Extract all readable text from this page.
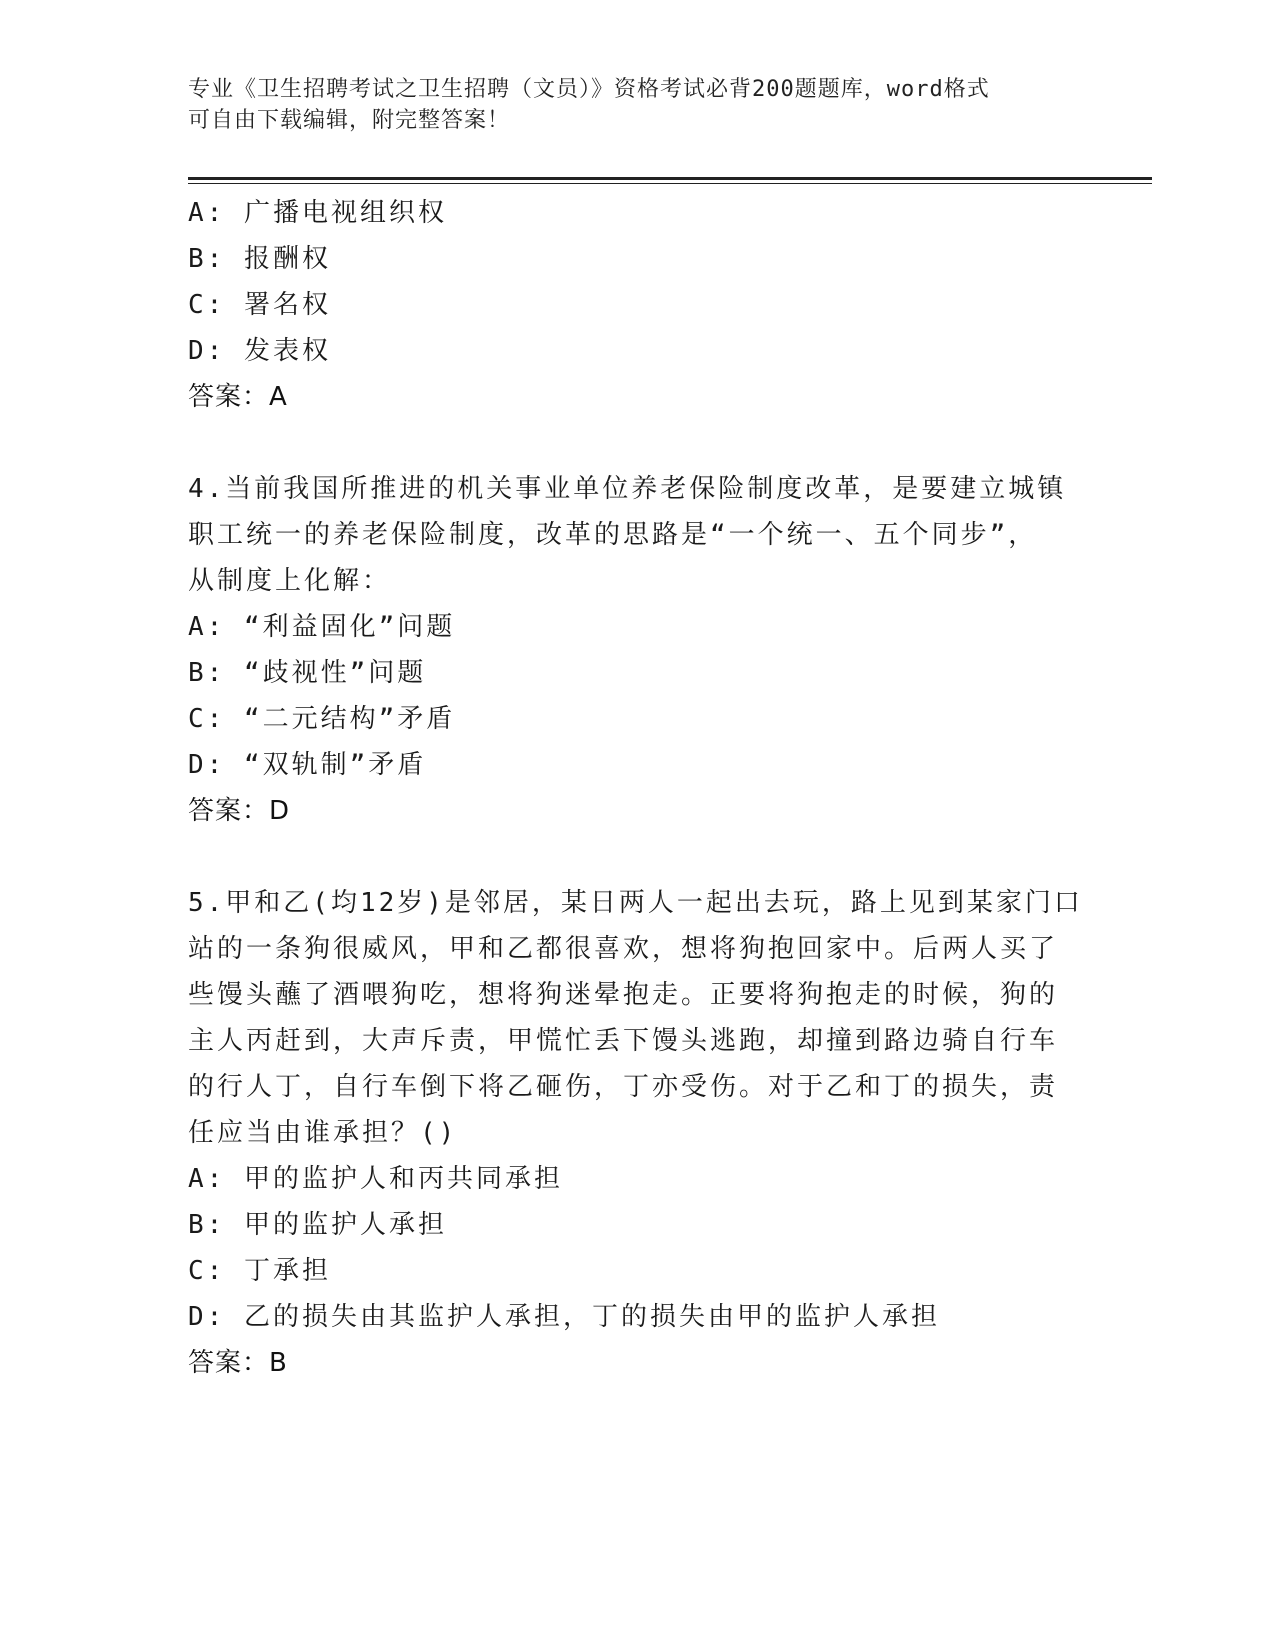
专业《卫生招聘考试之卫生招聘（文员）》资格考试必背200题题库，word格式
可自由下载编辑，附完整答案！
A: 广播电视组织权
B: 报酬权
C: 署名权
D: 发表权
答案：A
4.当前我国所推进的机关事业单位养老保险制度改革，是要建立城镇
职工统一的养老保险制度，改革的思路是“一个统一、五个同步”，
从制度上化解：
A: “利益固化”问题
B: “歧视性”问题
C: “二元结构”矛盾
D: “双轨制”矛盾
答案：D
5.甲和乙(均12岁)是邻居，某日两人一起出去玩，路上见到某家门口
站的一条狗很威风，甲和乙都很喜欢，想将狗抱回家中。后两人买了
些馒头蘸了酒喂狗吃，想将狗迷晕抱走。正要将狗抱走的时候，狗的
主人丙赶到，大声斥责，甲慌忙丢下馒头逃跑，却撞到路边骑自行车
的行人丁，自行车倒下将乙砸伤，丁亦受伤。对于乙和丁的损失，责
任应当由谁承担？()
A: 甲的监护人和丙共同承担
B: 甲的监护人承担
C: 丁承担
D: 乙的损失由其监护人承担，丁的损失由甲的监护人承担
答案：B
